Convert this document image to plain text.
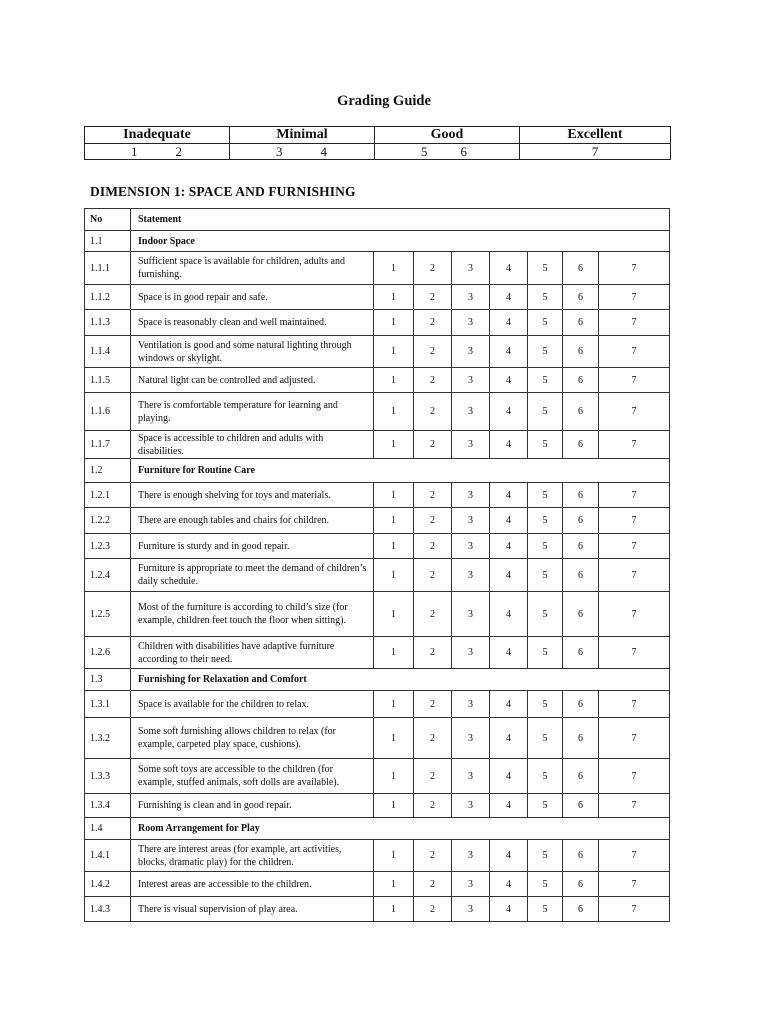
Grading Guide
Inadequate	Minimal	Good	Excellent
1 2	3 4	5 6	7
DIMENSION 1: SPACE AND FURNISHING
No	Statement							
1.1	Indoor Space							
1.1.1	Sufficient space is available for children, adults and furnishing.	1	2	3	4	5	6	7
1.1.2	Space is in good repair and safe.	1	2	3	4	5	6	7
1.1.3	Space is reasonably clean and well maintained.	1	2	3	4	5	6	7
1.1.4	Ventilation is good and some natural lighting through windows or skylight.	1	2	3	4	5	6	7
1.1.5	Natural light can be controlled and adjusted.	1	2	3	4	5	6	7
1.1.6	There is comfortable temperature for learning and playing.	1	2	3	4	5	6	7
1.1.7	Space is accessible to children and adults with disabilities.	1	2	3	4	5	6	7
1.2	Furniture for Routine Care							
1.2.1	There is enough shelving for toys and materials.	1	2	3	4	5	6	7
1.2.2	There are enough tables and chairs for children.	1	2	3	4	5	6	7
1.2.3	Furniture is sturdy and in good repair.	1	2	3	4	5	6	7
1.2.4	Furniture is appropriate to meet the demand of children’s daily schedule.	1	2	3	4	5	6	7
1.2.5	Most of the furniture is according to child’s size (for example, children feet touch the floor when sitting).	1	2	3	4	5	6	7
1.2.6	Children with disabilities have adaptive furniture according to their need.	1	2	3	4	5	6	7
1.3	Furnishing for Relaxation and Comfort							
1.3.1	Space is available for the children to relax.	1	2	3	4	5	6	7
1.3.2	Some soft furnishing allows children to relax (for example, carpeted play space, cushions).	1	2	3	4	5	6	7
1.3.3	Some soft toys are accessible to the children (for example, stuffed animals, soft dolls are available).	1	2	3	4	5	6	7
1.3.4	Furnishing is clean and in good repair.	1	2	3	4	5	6	7
1.4	Room Arrangement for Play							
1.4.1	There are interest areas (for example, art activities, blocks, dramatic play) for the children.	1	2	3	4	5	6	7
1.4.2	Interest areas are accessible to the children.	1	2	3	4	5	6	7
1.4.3	There is visual supervision of play area.	1	2	3	4	5	6	7
